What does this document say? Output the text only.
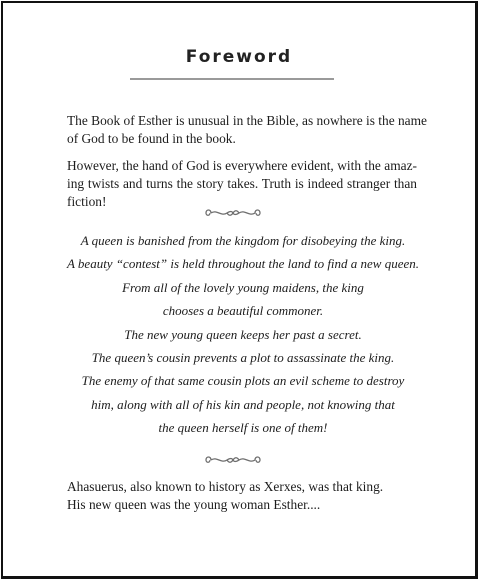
Foreword

The Book of Esther is unusual in the Bible, as nowhere is the name
of God to be found in the book.

However, the hand of God is everywhere evident, with the amaz-
ing twists and turns the story takes. Truth is indeed stranger than
fiction!

A queen is banished from the kingdom for disobeying the king.
A beauty “contest” is held throughout the land to find a new queen.
From all of the lovely young maidens, the king
chooses a beautiful commoner.
The new young queen keeps her past a secret.
The queen’s cousin prevents a plot to assassinate the king.
The enemy of that same cousin plots an evil scheme to destroy
him, along with all of his kin and people, not knowing that
the queen herself is one of them!

Ahasuerus, also known to history as Xerxes, was that king.
His new queen was the young woman Esther....
